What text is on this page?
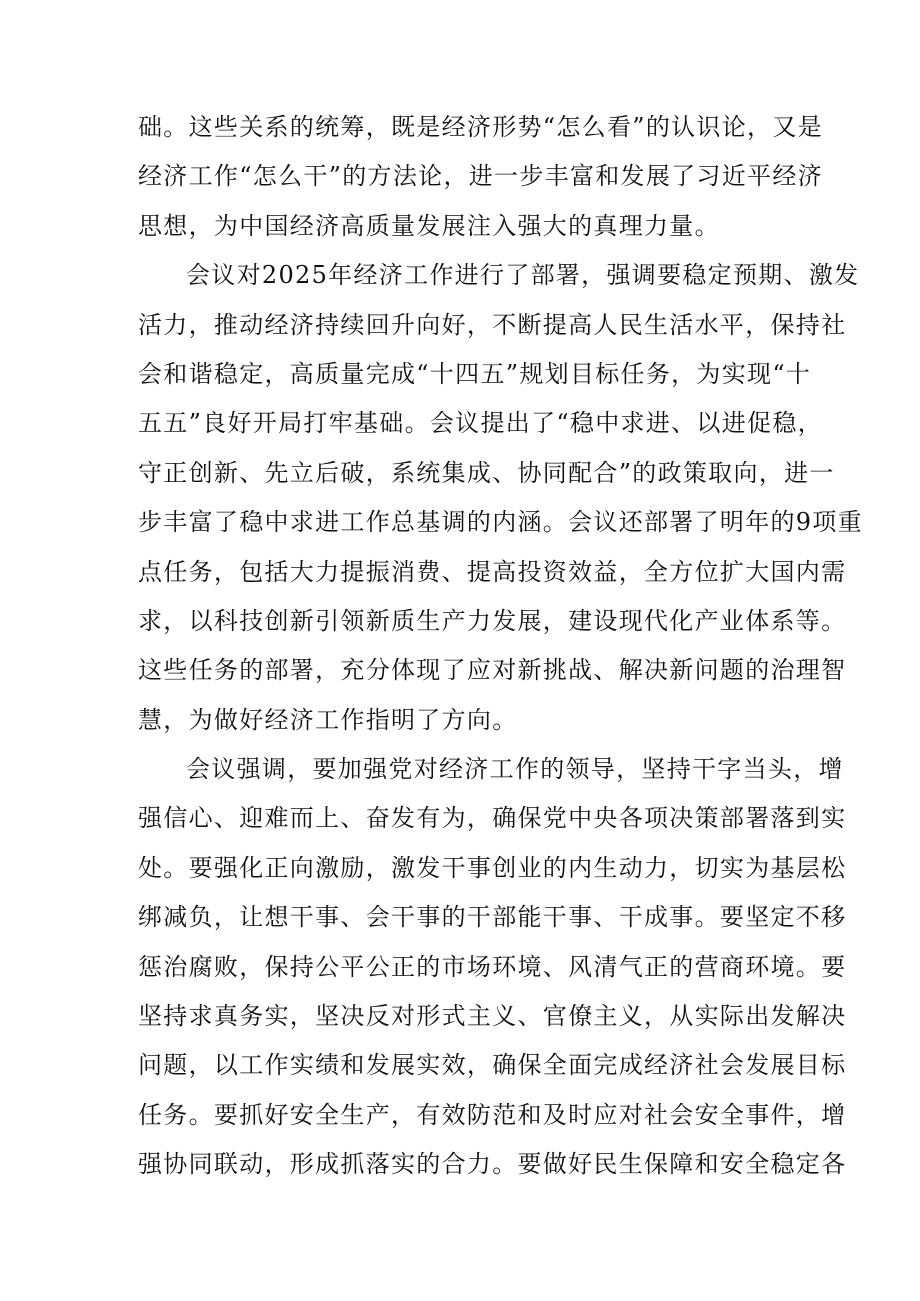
础。这些关系的统筹，既是经济形势“怎么看”的认识论，又是
经济工作“怎么干”的方法论，进一步丰富和发展了习近平经济
思想，为中国经济高质量发展注入强大的真理力量。
会议对2025年经济工作进行了部署，强调要稳定预期、激发
活力，推动经济持续回升向好，不断提高人民生活水平，保持社
会和谐稳定，高质量完成“十四五”规划目标任务，为实现“十
五五”良好开局打牢基础。会议提出了“稳中求进、以进促稳，
守正创新、先立后破，系统集成、协同配合”的政策取向，进一
步丰富了稳中求进工作总基调的内涵。会议还部署了明年的9项重
点任务，包括大力提振消费、提高投资效益，全方位扩大国内需
求，以科技创新引领新质生产力发展，建设现代化产业体系等。
这些任务的部署，充分体现了应对新挑战、解决新问题的治理智
慧，为做好经济工作指明了方向。
会议强调，要加强党对经济工作的领导，坚持干字当头，增
强信心、迎难而上、奋发有为，确保党中央各项决策部署落到实
处。要强化正向激励，激发干事创业的内生动力，切实为基层松
绑减负，让想干事、会干事的干部能干事、干成事。要坚定不移
惩治腐败，保持公平公正的市场环境、风清气正的营商环境。要
坚持求真务实，坚决反对形式主义、官僚主义，从实际出发解决
问题，以工作实绩和发展实效，确保全面完成经济社会发展目标
任务。要抓好安全生产，有效防范和及时应对社会安全事件，增
强协同联动，形成抓落实的合力。要做好民生保障和安全稳定各
